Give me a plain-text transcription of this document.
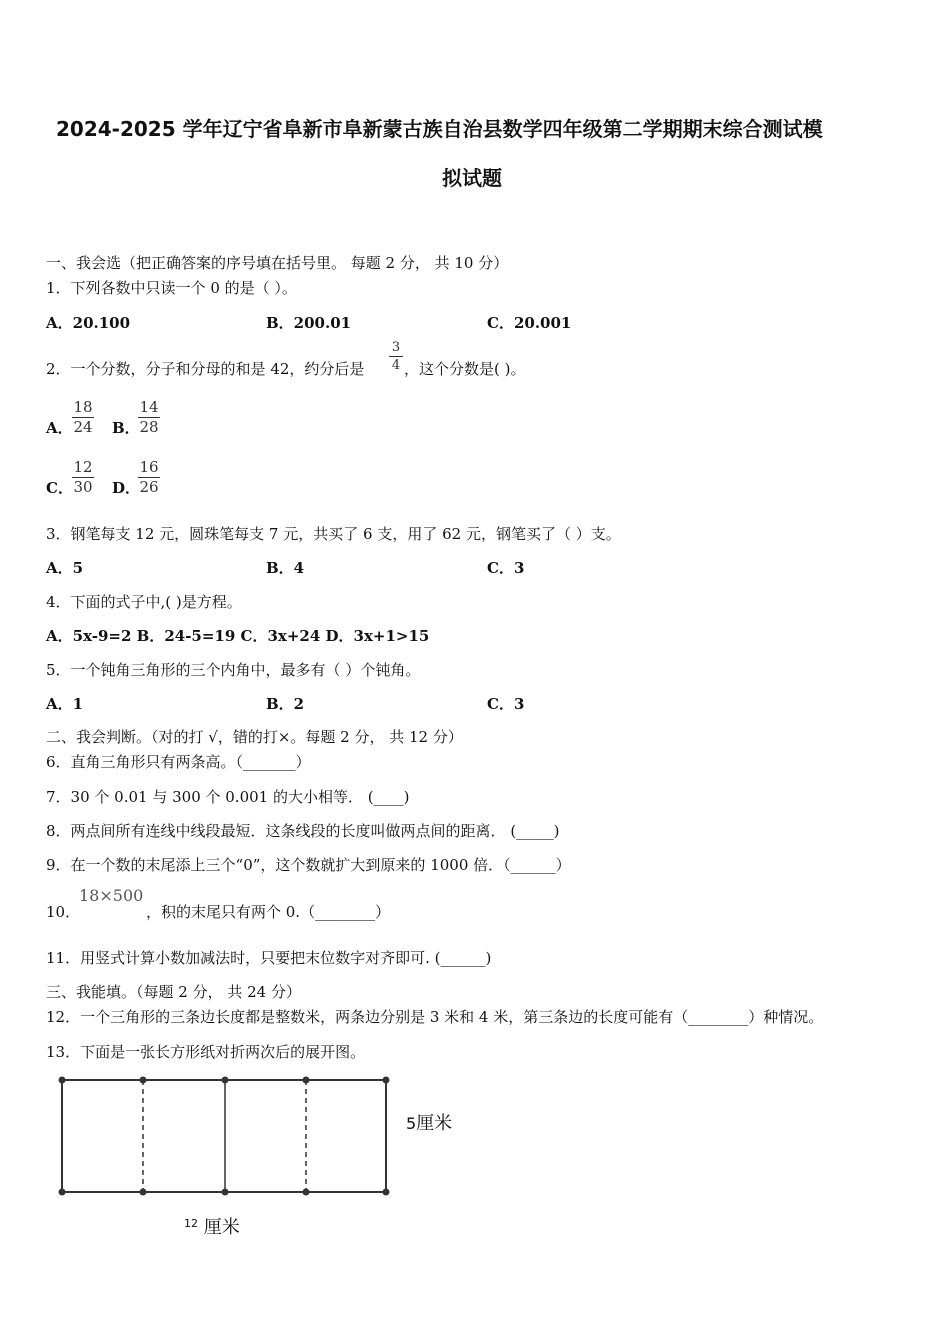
2024-2025 学年辽宁省阜新市阜新蒙古族自治县数学四年级第二学期期末综合测试模
拟试题
一、我会选（把正确答案的序号填在括号里。 每题 2 分， 共 10 分）
1．下列各数中只读一个 0 的是（ ）。
A．20.100	B．200.01	C．20.001
2．一个分数，分子和分母的和是 42，约分后是
3
4 ，这个分数是( )。
A．
18
24 B．
14
28
C．
12
30 D．
16
26
3．钢笔每支 12 元，圆珠笔每支 7 元，共买了 6 支，用了 62 元，钢笔买了（ ）支。
A．5	B．4	C．3
4．下面的式子中,( )是方程。
A．5x-9=2 B．24-5=19 C．3x+24 D．3x+1>15
5．一个钝角三角形的三个内角中，最多有（ ）个钝角。
A．1	B．2	C．3
二、我会判断。（对的打 √，错的打×。每题 2 分， 共 12 分）
6．直角三角形只有两条高。（_______）
7．30 个 0.01 与 300 个 0.001 的大小相等． (____)
8．两点间所有连线中线段最短．这条线段的长度叫做两点间的距离． (_____)
9．在一个数的末尾添上三个“0”，这个数就扩大到原来的 1000 倍．（______）
10．
18×500
，积的末尾只有两个 0.（________）
11．用竖式计算小数加减法时，只要把末位数字对齐即可. (______)
三、我能填。（每题 2 分， 共 24 分）
12．一个三角形的三条边长度都是整数米，两条边分别是 3 米和 4 米，第三条边的长度可能有（________）种情况。
13．下面是一张长方形纸对折两次后的展开图。
5厘米
$^{12}$ 厘米
